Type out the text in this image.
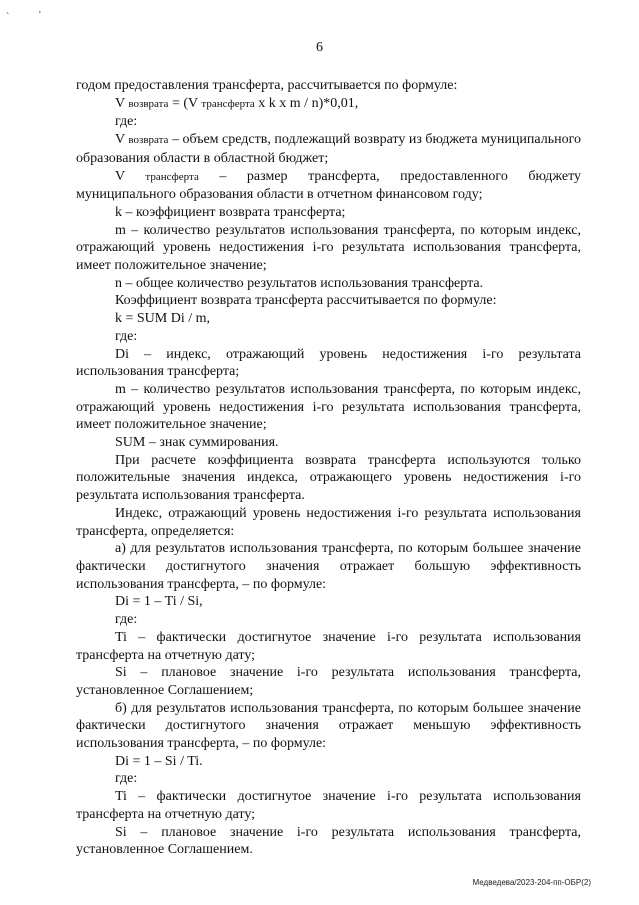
`	'
6

годом предоставления трансферта, рассчитывается по формуле:

V возврата = (V трансферта x k x m / n)*0,01,

где:

V возврата – объем средств, подлежащий возврату из бюджета муниципального образования области в областной бюджет;

V трансферта – размер трансферта, предоставленного бюджету муниципального образования области в отчетном финансовом году;

k – коэффициент возврата трансферта;

m – количество результатов использования трансферта, по которым индекс, отражающий уровень недостижения i-го результата использования трансферта, имеет положительное значение;

n – общее количество результатов использования трансферта.

Коэффициент возврата трансферта рассчитывается по формуле:

k = SUM Di / m,

где:

Di – индекс, отражающий уровень недостижения i-го результата использования трансферта;

m – количество результатов использования трансферта, по которым индекс, отражающий уровень недостижения i-го результата использования трансферта, имеет положительное значение;

SUM – знак суммирования.

При расчете коэффициента возврата трансферта используются только положительные значения индекса, отражающего уровень недостижения i-го результата использования трансферта.

Индекс, отражающий уровень недостижения i-го результата использования трансферта, определяется:

а) для результатов использования трансферта, по которым большее значение фактически достигнутого значения отражает большую эффективность использования трансферта, – по формуле:

Di = 1 – Ti / Si,

где:

Ti – фактически достигнутое значение i-го результата использования трансферта на отчетную дату;

Si – плановое значение i-го результата использования трансферта, установленное Соглашением;

б) для результатов использования трансферта, по которым большее значение фактически достигнутого значения отражает меньшую эффективность использования трансферта, – по формуле:

Di = 1 – Si / Ti.

где:

Ti – фактически достигнутое значение i-го результата использования трансферта на отчетную дату;

Si – плановое значение i-го результата использования трансферта, установленное Соглашением.

Медведева/2023-204-пп-ОБР(2)
